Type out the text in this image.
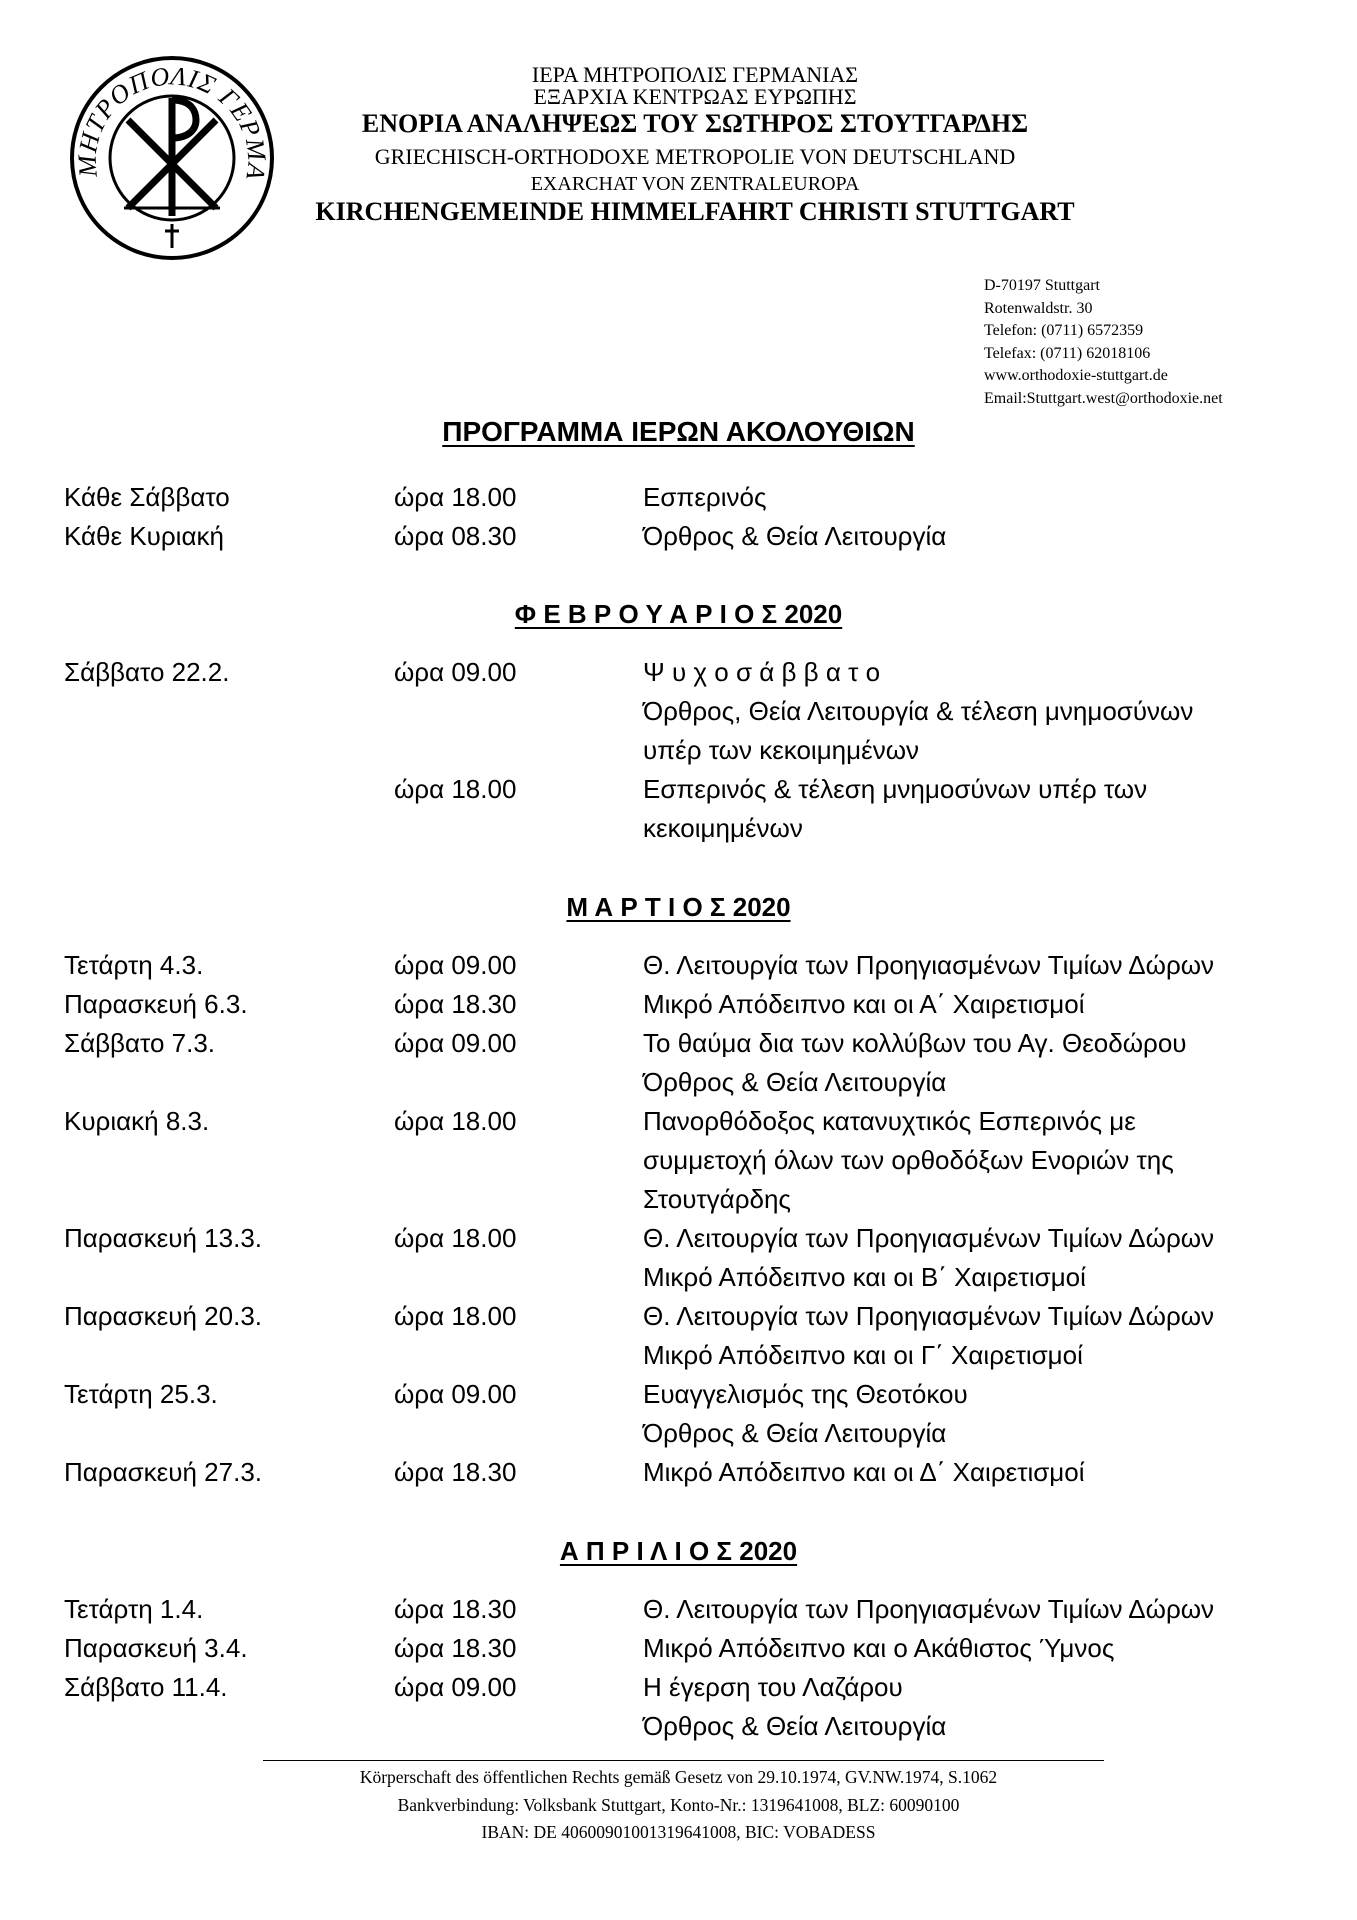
ΜΗΤΡΟΠΟΛΙΣ ΓΕΡΜΑ
ΙΕΡΑ ΜΗΤΡΟΠΟΛΙΣ ΓΕΡΜΑΝΙΑΣ
ΕΞΑΡΧΙΑ ΚΕΝΤΡΩΑΣ ΕΥΡΩΠΗΣ
ΕΝΟΡΙΑ ΑΝΑΛΗΨΕΩΣ ΤΟΥ ΣΩΤΗΡΟΣ ΣΤΟΥΤΓΑΡΔΗΣ
GRIECHISCH-ORTHODOXE METROPOLIE VON DEUTSCHLAND
EXARCHAT VON ZENTRALEUROPA
KIRCHENGEMEINDE HIMMELFAHRT CHRISTI STUTTGART
D-70197 Stuttgart
Rotenwaldstr. 30
Telefon: (0711) 6572359
Telefax: (0711) 62018106
www.orthodoxie-stuttgart.de
Email:Stuttgart.west@orthodoxie.net
ΠΡΟΓΡΑΜΜΑ ΙΕΡΩΝ ΑΚΟΛΟΥΘΙΩΝ
Κάθε Σάββατο	ώρα 18.00	Εσπερινός
Κάθε Κυριακή	ώρα 08.30	Όρθρος & Θεία Λειτουργία
Φ Ε Β Ρ Ο Υ Α Ρ Ι Ο Σ 2020
Σάββατο 22.2.	ώρα 09.00	Ψ υ χ ο σ ά β β α τ ο
Όρθρος, Θεία Λειτουργία & τέλεση μνημοσύνων
υπέρ των κεκοιμημένων
ώρα 18.00	Εσπερινός & τέλεση μνημοσύνων υπέρ των
κεκοιμημένων
Μ Α Ρ Τ Ι Ο Σ 2020
Τετάρτη 4.3.	ώρα 09.00	Θ. Λειτουργία των Προηγιασμένων Τιμίων Δώρων
Παρασκευή 6.3.	ώρα 18.30	Μικρό Απόδειπνο και οι Α΄ Χαιρετισμοί
Σάββατο 7.3.	ώρα 09.00	Το θαύμα δια των κολλύβων του Αγ. Θεοδώρου
Όρθρος & Θεία Λειτουργία
Κυριακή 8.3.	ώρα 18.00	Πανορθόδοξος κατανυχτικός Εσπερινός με
συμμετοχή όλων των ορθοδόξων Ενοριών της
Στουτγάρδης
Παρασκευή 13.3.	ώρα 18.00	Θ. Λειτουργία των Προηγιασμένων Τιμίων Δώρων
Μικρό Απόδειπνο και οι Β΄ Χαιρετισμοί
Παρασκευή 20.3.	ώρα 18.00	Θ. Λειτουργία των Προηγιασμένων Τιμίων Δώρων
Μικρό Απόδειπνο και οι Γ΄ Χαιρετισμοί
Τετάρτη 25.3.	ώρα 09.00	Ευαγγελισμός της Θεοτόκου
Όρθρος & Θεία Λειτουργία
Παρασκευή 27.3.	ώρα 18.30	Μικρό Απόδειπνο και οι Δ΄ Χαιρετισμοί
Α Π Ρ Ι Λ Ι Ο Σ 2020
Τετάρτη 1.4.	ώρα 18.30	Θ. Λειτουργία των Προηγιασμένων Τιμίων Δώρων
Παρασκευή 3.4.	ώρα 18.30	Μικρό Απόδειπνο και ο Ακάθιστος Ύμνος
Σάββατο 11.4.	ώρα 09.00	Η έγερση του Λαζάρου
Όρθρος & Θεία Λειτουργία
Körperschaft des öffentlichen Rechts gemäß Gesetz von 29.10.1974, GV.NW.1974, S.1062
Bankverbindung: Volksbank Stuttgart, Konto-Nr.: 1319641008, BLZ: 60090100
IBAN: DE 40600901001319641008, BIC: VOBADESS
